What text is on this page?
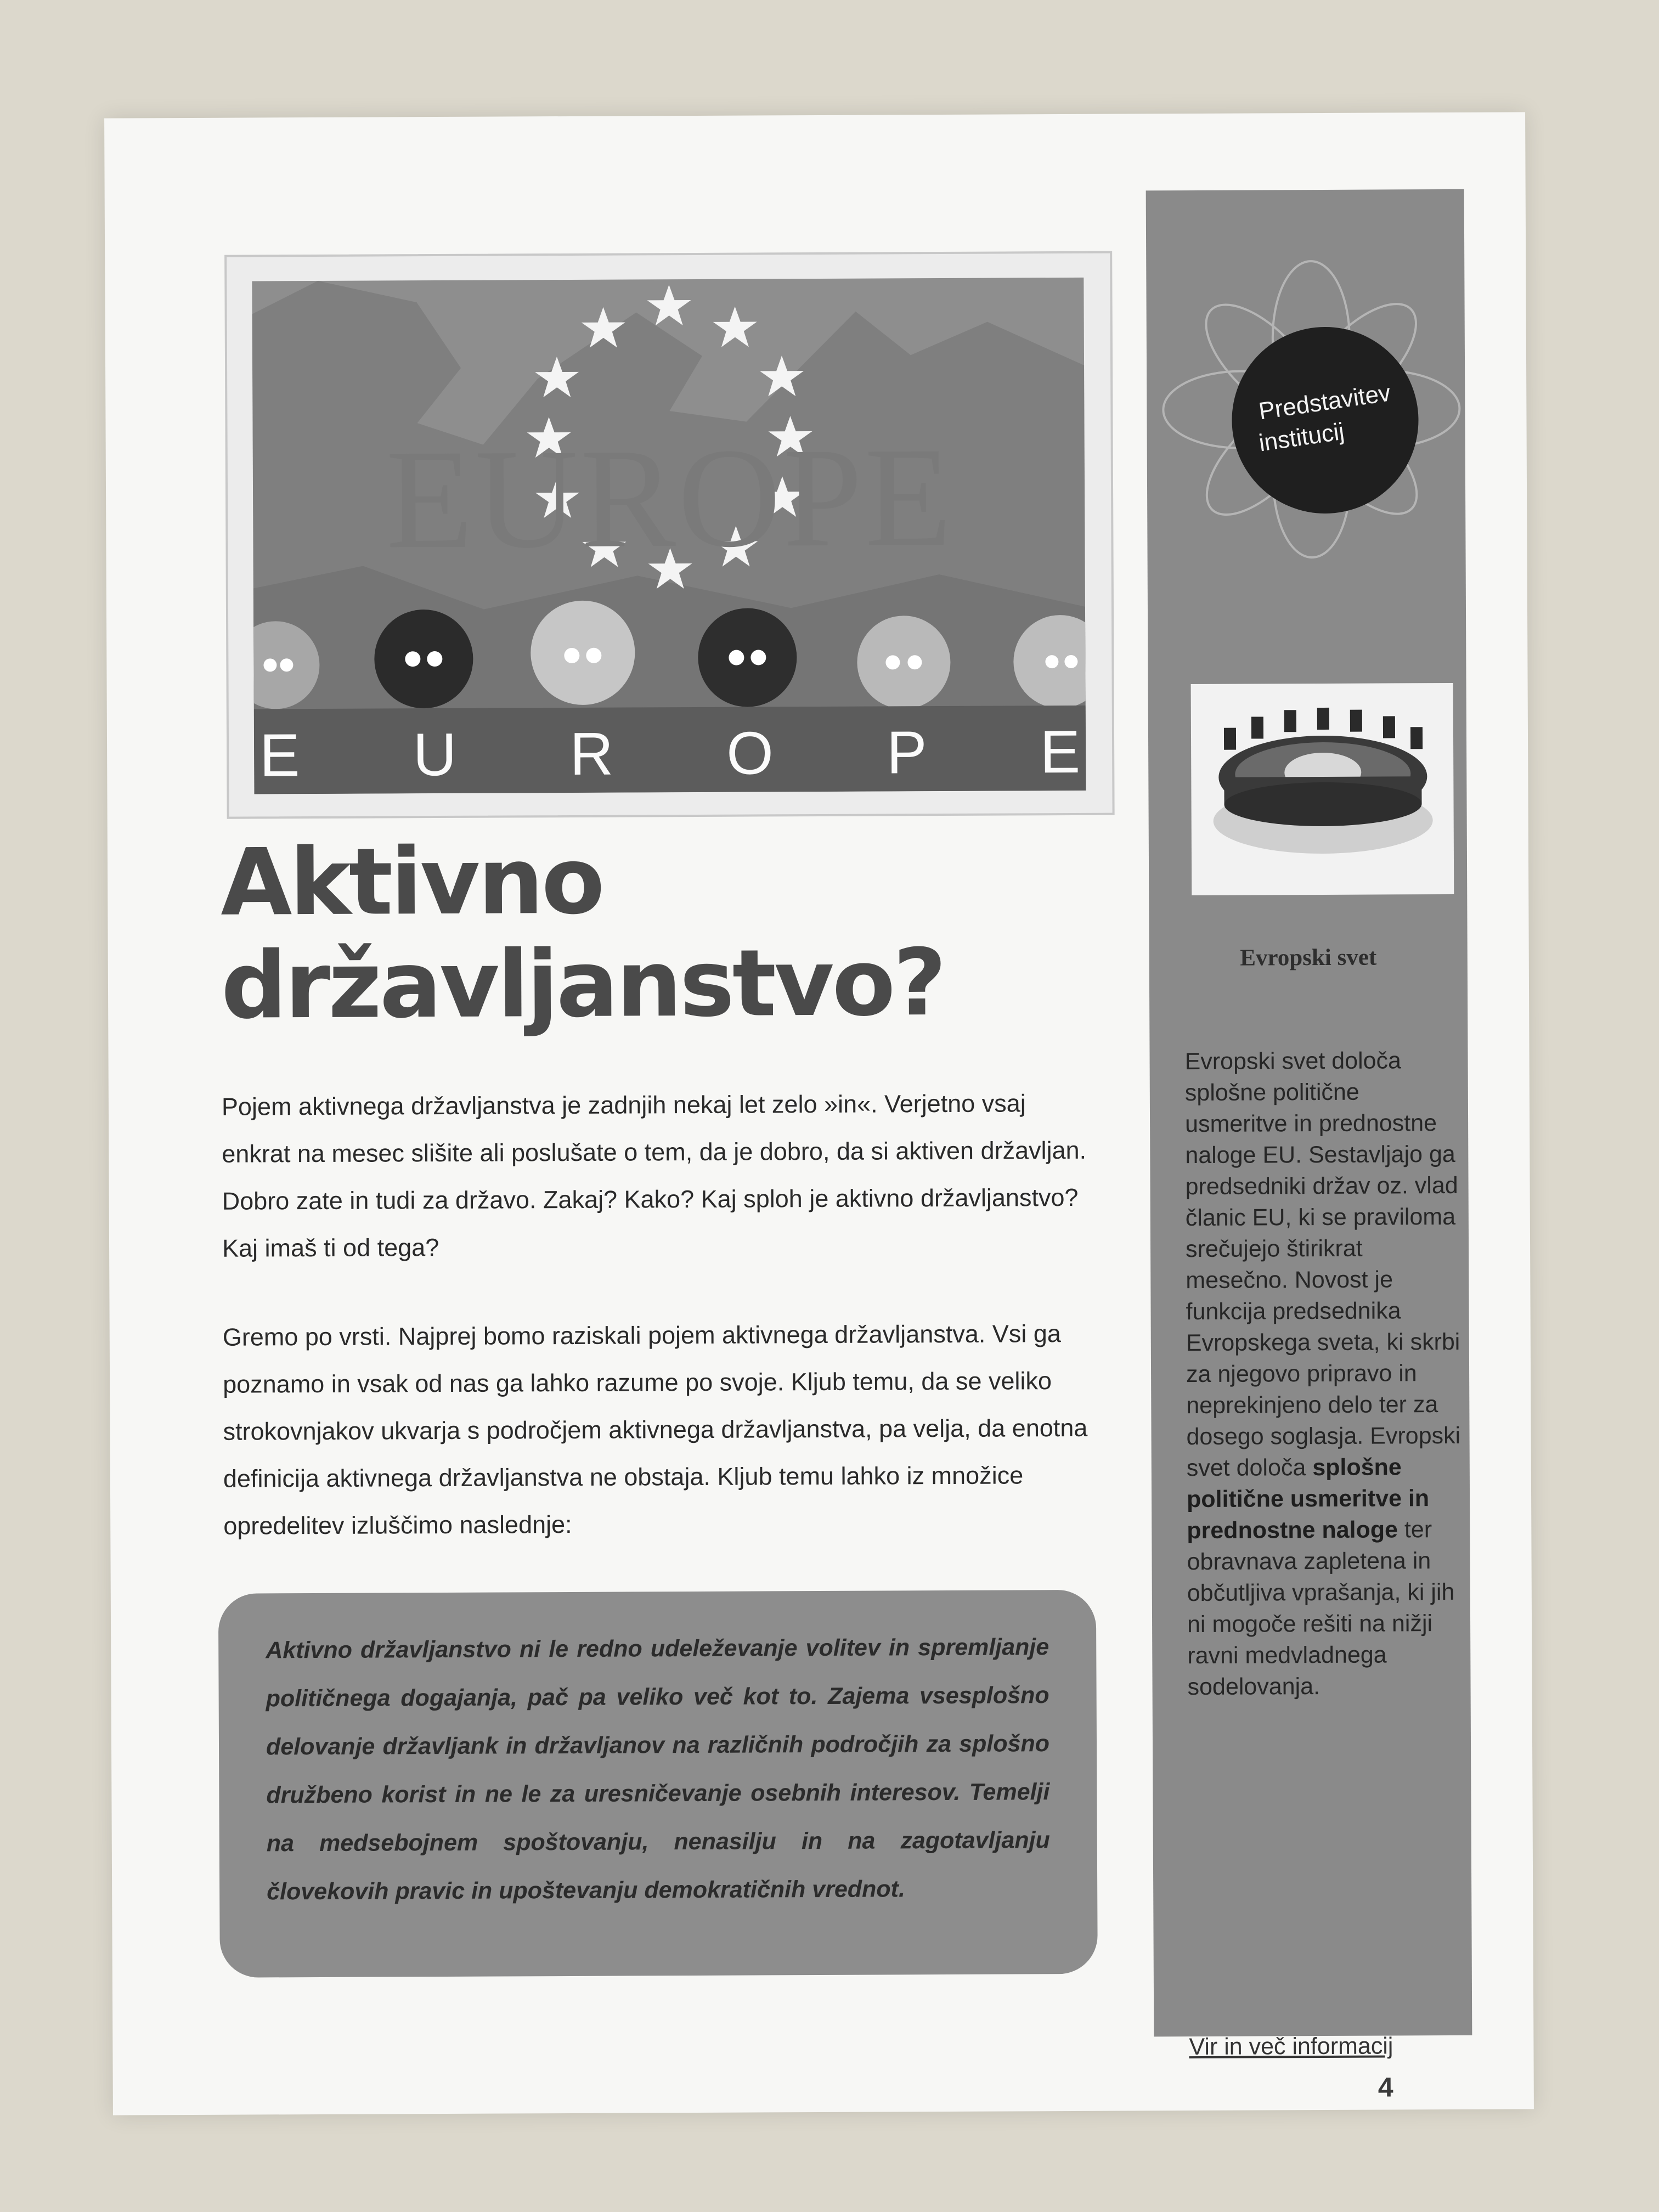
EUROPE
E U R O P E
Aktivno
državljanstvo?
Pojem aktivnega državljanstva je zadnjih nekaj let zelo »in«. Verjetno vsaj enkrat na mesec slišite ali poslušate o tem, da je dobro, da si aktiven državljan. Dobro zate in tudi za državo. Zakaj? Kako? Kaj sploh je aktivno državljanstvo? Kaj imaš ti od tega?
Gremo po vrsti. Najprej bomo raziskali pojem aktivnega državljanstva. Vsi ga poznamo in vsak od nas ga lahko razume po svoje. Kljub temu, da se veliko strokovnjakov ukvarja s področjem aktivnega državljanstva, pa velja, da enotna definicija aktivnega državljanstva ne obstaja. Kljub temu lahko iz množice opredelitev izluščimo naslednje:

Aktivno državljanstvo ni le redno udeleževanje volitev in spremljanje političnega dogajanja, pač pa veliko več kot to. Zajema vsesplošno delovanje državljank in državljanov na različnih področjih za splošno družbeno korist in ne le za uresničevanje osebnih interesov. Temelji na medsebojnem spoštovanju, nenasilju in na zagotavljanju človekovih pravic in upoštevanju demokratičnih vrednot.

Predstavitev
institucij
Evropski svet
Evropski svet določa splošne politične usmeritve in prednostne naloge EU. Sestavljajo ga predsedniki držav oz. vlad članic EU, ki se praviloma srečujejo štirikrat mesečno. Novost je funkcija predsednika Evropskega sveta, ki skrbi za njegovo pripravo in neprekinjeno delo ter za dosego soglasja. Evropski svet določa splošne politične usmeritve in prednostne naloge ter obravnava zapletena in občutljiva vprašanja, ki jih ni mogoče rešiti na nižji ravni medvladnega sodelovanja.
Vir in več informacij
4
